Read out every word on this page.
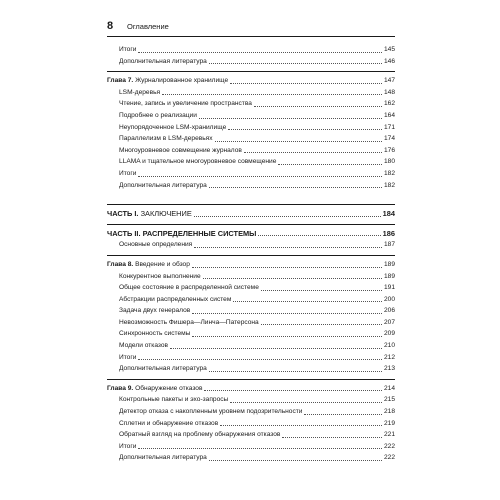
8 Оглавление
Итоги	145
Дополнительная литература	146
Глава 7. Журналированное хранилище	147
LSM-деревья	148
Чтение, запись и увеличение пространства	162
Подробнее о реализации	164
Неупорядоченное LSM-хранилище	171
Параллелизм в LSM-деревьях	174
Многоуровневое совмещение журналов	176
LLAMA и тщательное многоуровневое совмещение	180
Итоги	182
Дополнительная литература	182
ЧАСТЬ I. ЗАКЛЮЧЕНИЕ	184
ЧАСТЬ II. РАСПРЕДЕЛЕННЫЕ СИСТЕМЫ	186
Основные определения	187
Глава 8. Введение и обзор	189
Конкурентное выполнение	189
Общее состояние в распределенной системе	191
Абстракции распределенных систем	200
Задача двух генералов	206
Невозможность Фишера—Линча—Патерсона	207
Синхронность системы	209
Модели отказов	210
Итоги	212
Дополнительная литература	213
Глава 9. Обнаружение отказов	214
Контрольные пакеты и эхо-запросы	215
Детектор отказа с накопленным уровнем подозрительности	218
Сплетни и обнаружение отказов	219
Обратный взгляд на проблему обнаружения отказов	221
Итоги	222
Дополнительная литература	222
